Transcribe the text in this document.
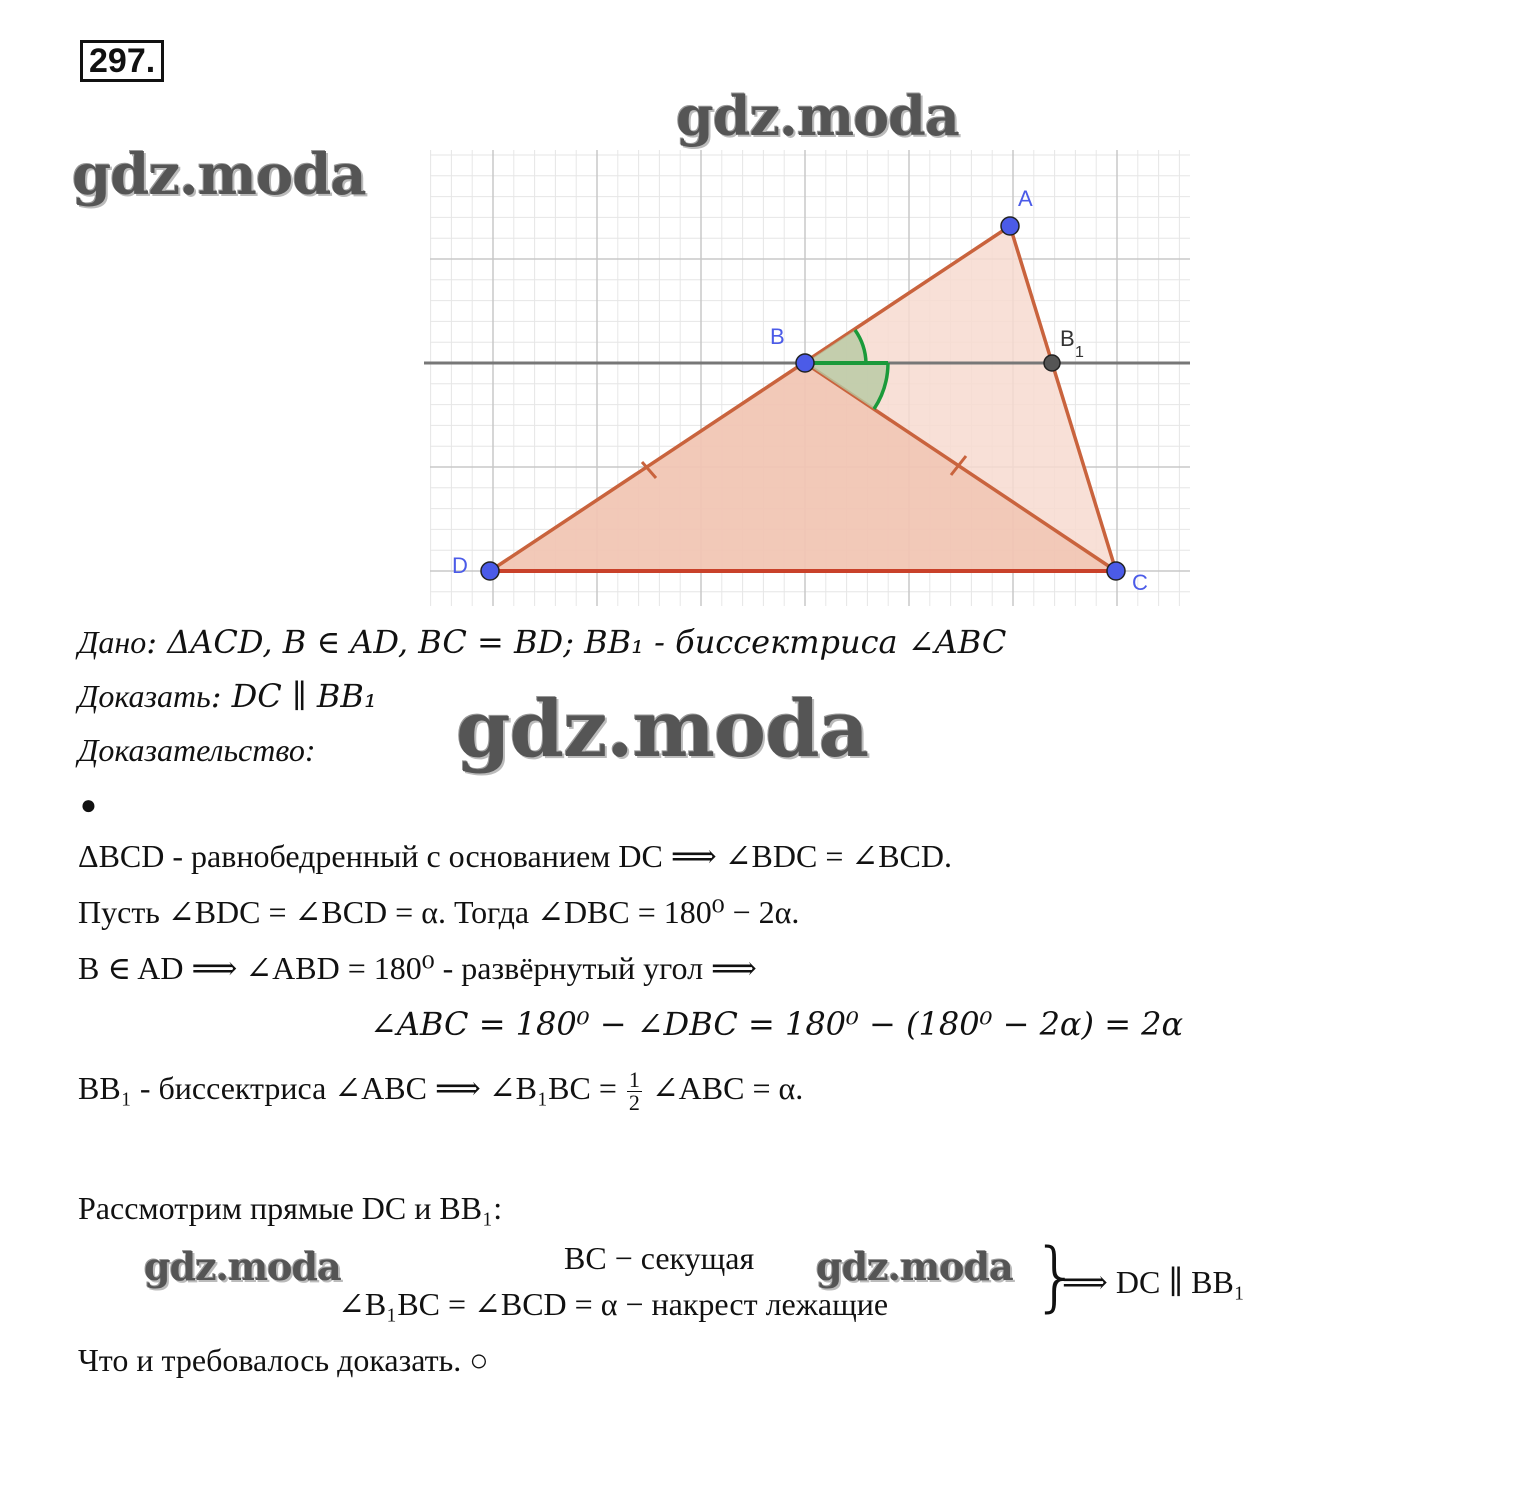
297.
gdz.moda
gdz.moda	A
B	B
1
C
D
Дано: ΔACD, B ∈ AD, BC = BD; BB₁ - биссектриса ∠ABC
Доказать: DC ∥ BB₁
Доказательство: gdz.moda
●
ΔBCD - равнобедренный с основанием DC ⟹ ∠BDC = ∠BCD.
Пусть ∠BDC = ∠BCD = α. Тогда ∠DBC = 180⁰ − 2α.
B ∈ AD ⟹ ∠ABD = 180⁰ - развёрнутый угол ⟹
∠ABC = 180⁰ − ∠DBC = 180⁰ − (180⁰ − 2α) = 2α
BB₁ - биссектриса ∠ABC ⟹ ∠B₁BC = $\frac{1}{2}$ ∠ABC = α.
Рассмотрим прямые DC и BB₁:
gdz.moda	BC − секущая
∠B₁BC = ∠BCD = α − накрест лежащие }
⟹ DC ∥ BB₁
gdz.moda
Что и требовалось доказать. ○
